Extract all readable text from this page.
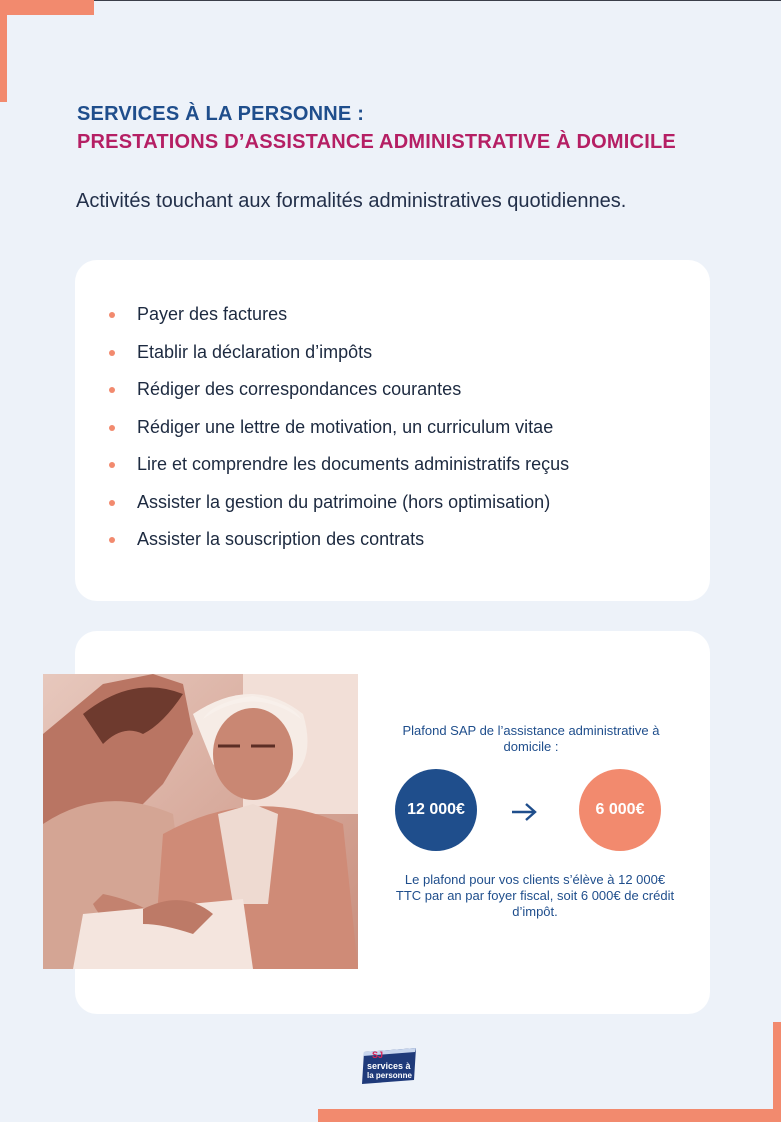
SERVICES À LA PERSONNE :
PRESTATIONS D’ASSISTANCE ADMINISTRATIVE À DOMICILE
Activités touchant aux formalités administratives quotidiennes.
Payer des factures
Etablir la déclaration d’impôts
Rédiger des correspondances courantes
Rédiger une lettre de motivation, un curriculum vitae
Lire et comprendre les documents administratifs reçus
Assister la gestion du patrimoine (hors optimisation)
Assister la souscription des contrats
Plafond SAP de l’assistance administrative à domicile :
12 000€	6 000€
Le plafond pour vos clients s’élève à 12 000€ TTC par an par foyer fiscal, soit 6 000€ de crédit d’impôt.
SJ
services à
la personne
